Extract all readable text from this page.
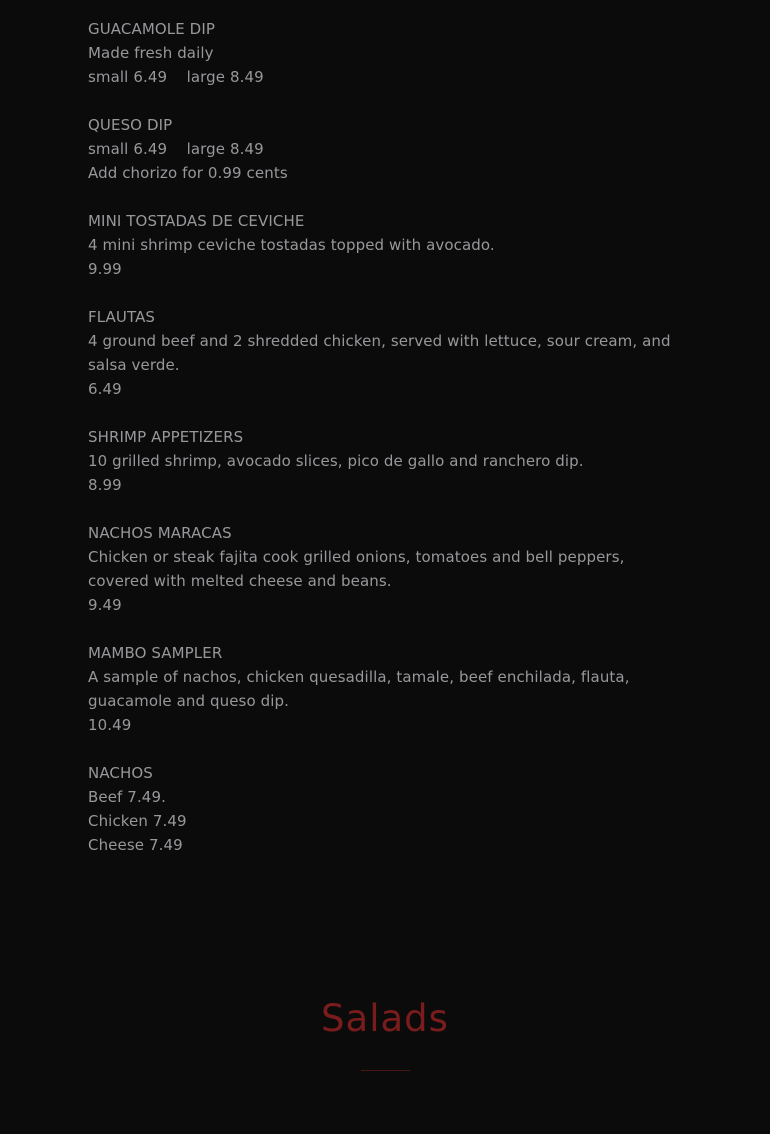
GUACAMOLE DIP
Made fresh daily
small 6.49    large 8.49
QUESO DIP
small 6.49    large 8.49
Add chorizo for 0.99 cents
MINI TOSTADAS DE CEVICHE
4 mini shrimp ceviche tostadas topped with avocado.
9.99
FLAUTAS
4 ground beef and 2 shredded chicken, served with lettuce, sour cream, and salsa verde.
6.49
SHRIMP APPETIZERS
10 grilled shrimp, avocado slices, pico de gallo and ranchero dip.
8.99
NACHOS MARACAS
Chicken or steak fajita cook grilled onions, tomatoes and bell peppers, covered with melted cheese and beans.
9.49
MAMBO SAMPLER
A sample of nachos, chicken quesadilla, tamale, beef enchilada, flauta, guacamole and queso dip.
10.49
NACHOS
Beef 7.49.
Chicken 7.49
Cheese 7.49
Salads
